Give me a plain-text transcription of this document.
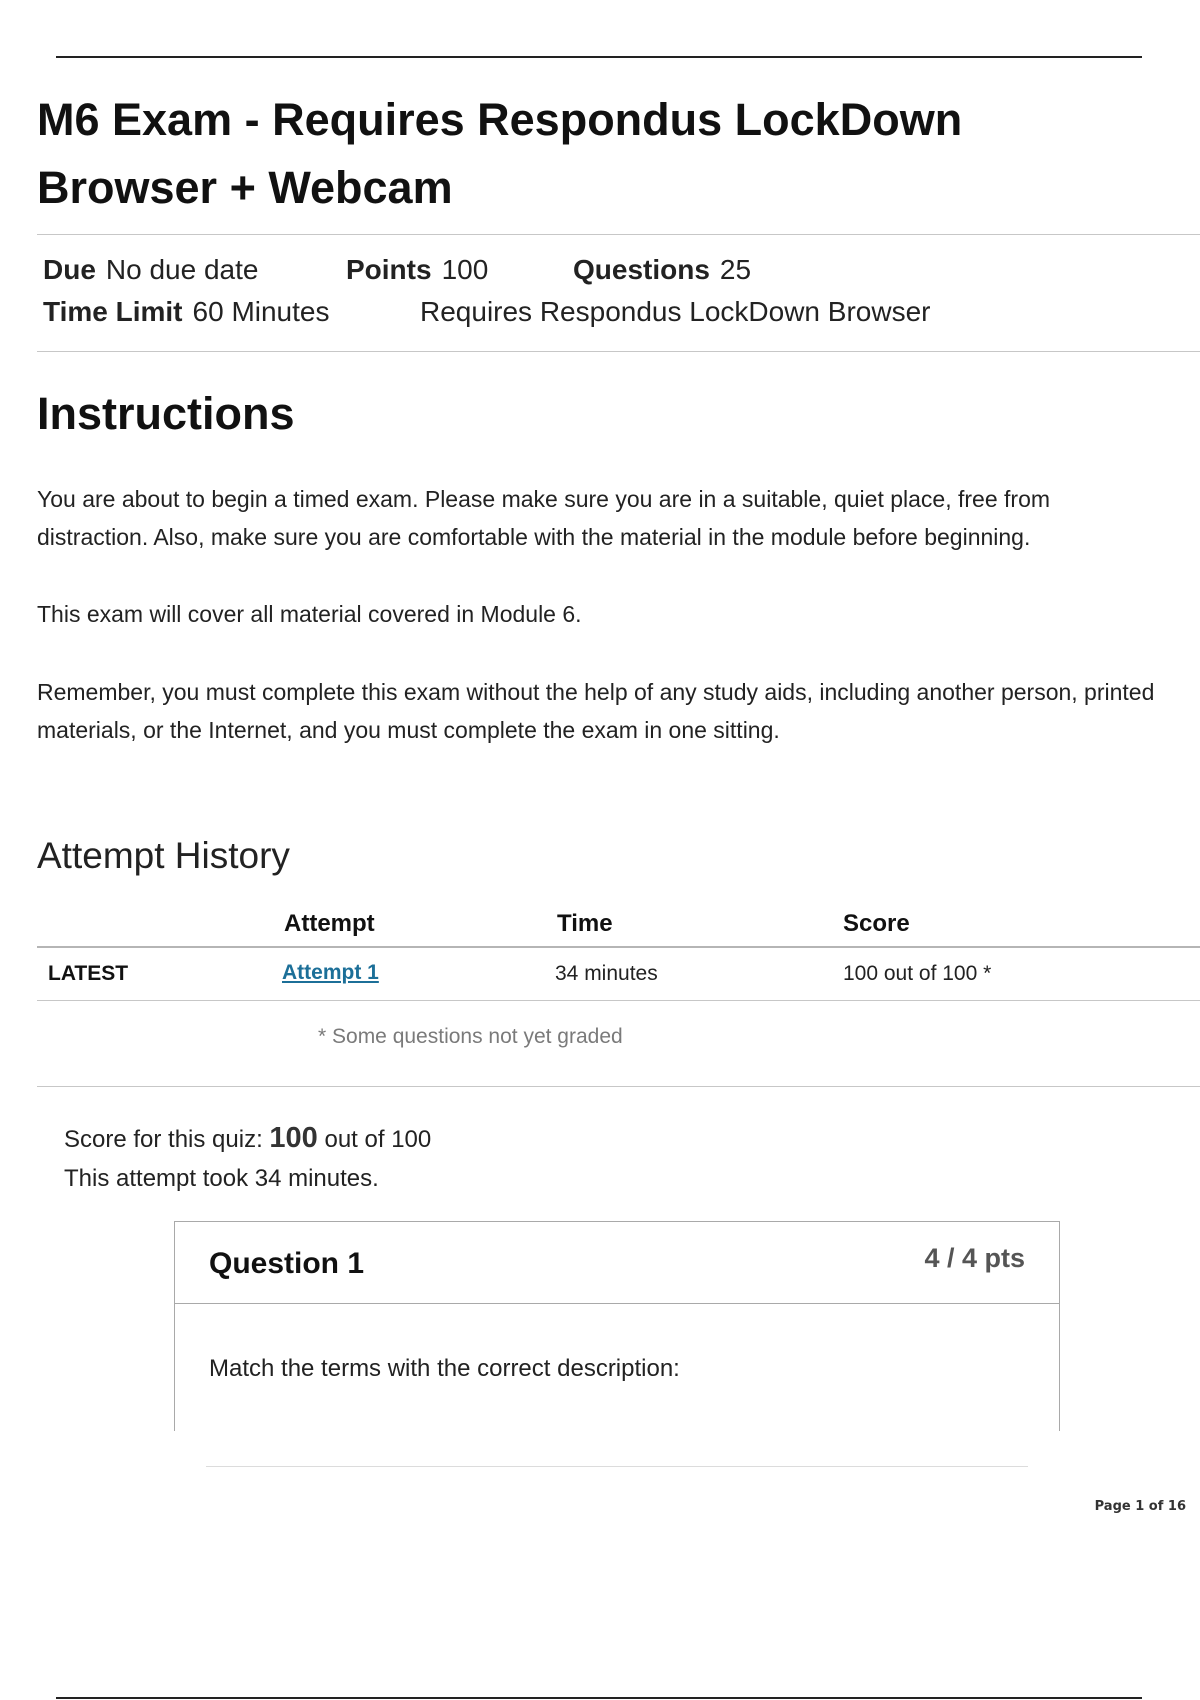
M6 Exam - Requires Respondus LockDown Browser + Webcam
Due No due date	Points 100	Questions 25
Time Limit 60 Minutes	Requires Respondus LockDown Browser
Instructions
You are about to begin a timed exam. Please make sure you are in a suitable, quiet place, free from distraction. Also, make sure you are comfortable with the material in the module before beginning.
This exam will cover all material covered in Module 6.
Remember, you must complete this exam without the help of any study aids, including another person, printed materials, or the Internet, and you must complete the exam in one sitting.
Attempt History
Attempt	Time	Score
LATEST	Attempt 1	34 minutes	100 out of 100 *
* Some questions not yet graded
Score for this quiz: 100 out of 100
This attempt took 34 minutes.
Question 1	4 / 4 pts
Match the terms with the correct description:
Page 1 of 16
